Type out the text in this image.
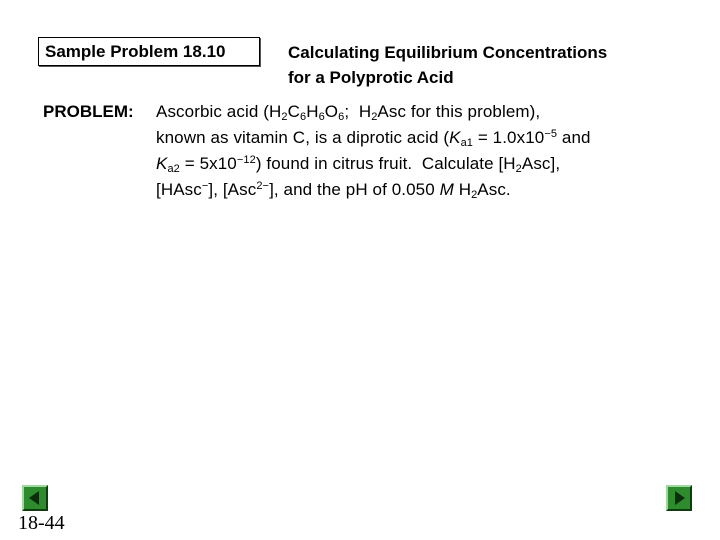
Sample Problem 18.10	Calculating Equilibrium Concentrations
for a Polyprotic Acid
PROBLEM: Ascorbic acid ($H_2C_6H_6O_6$;  $H_2Asc$ for this problem),
known as vitamin C, is a diprotic acid ($K_{a1} = 1.0x10^{-5}$ and
$K_{a2} = 5x10^{-12}$) found in citrus fruit.  Calculate $[H_2Asc]$,
[HAsc−], [Asc$^{2-}$], and the pH of 0.050 M $H_2Asc$.
18-44
